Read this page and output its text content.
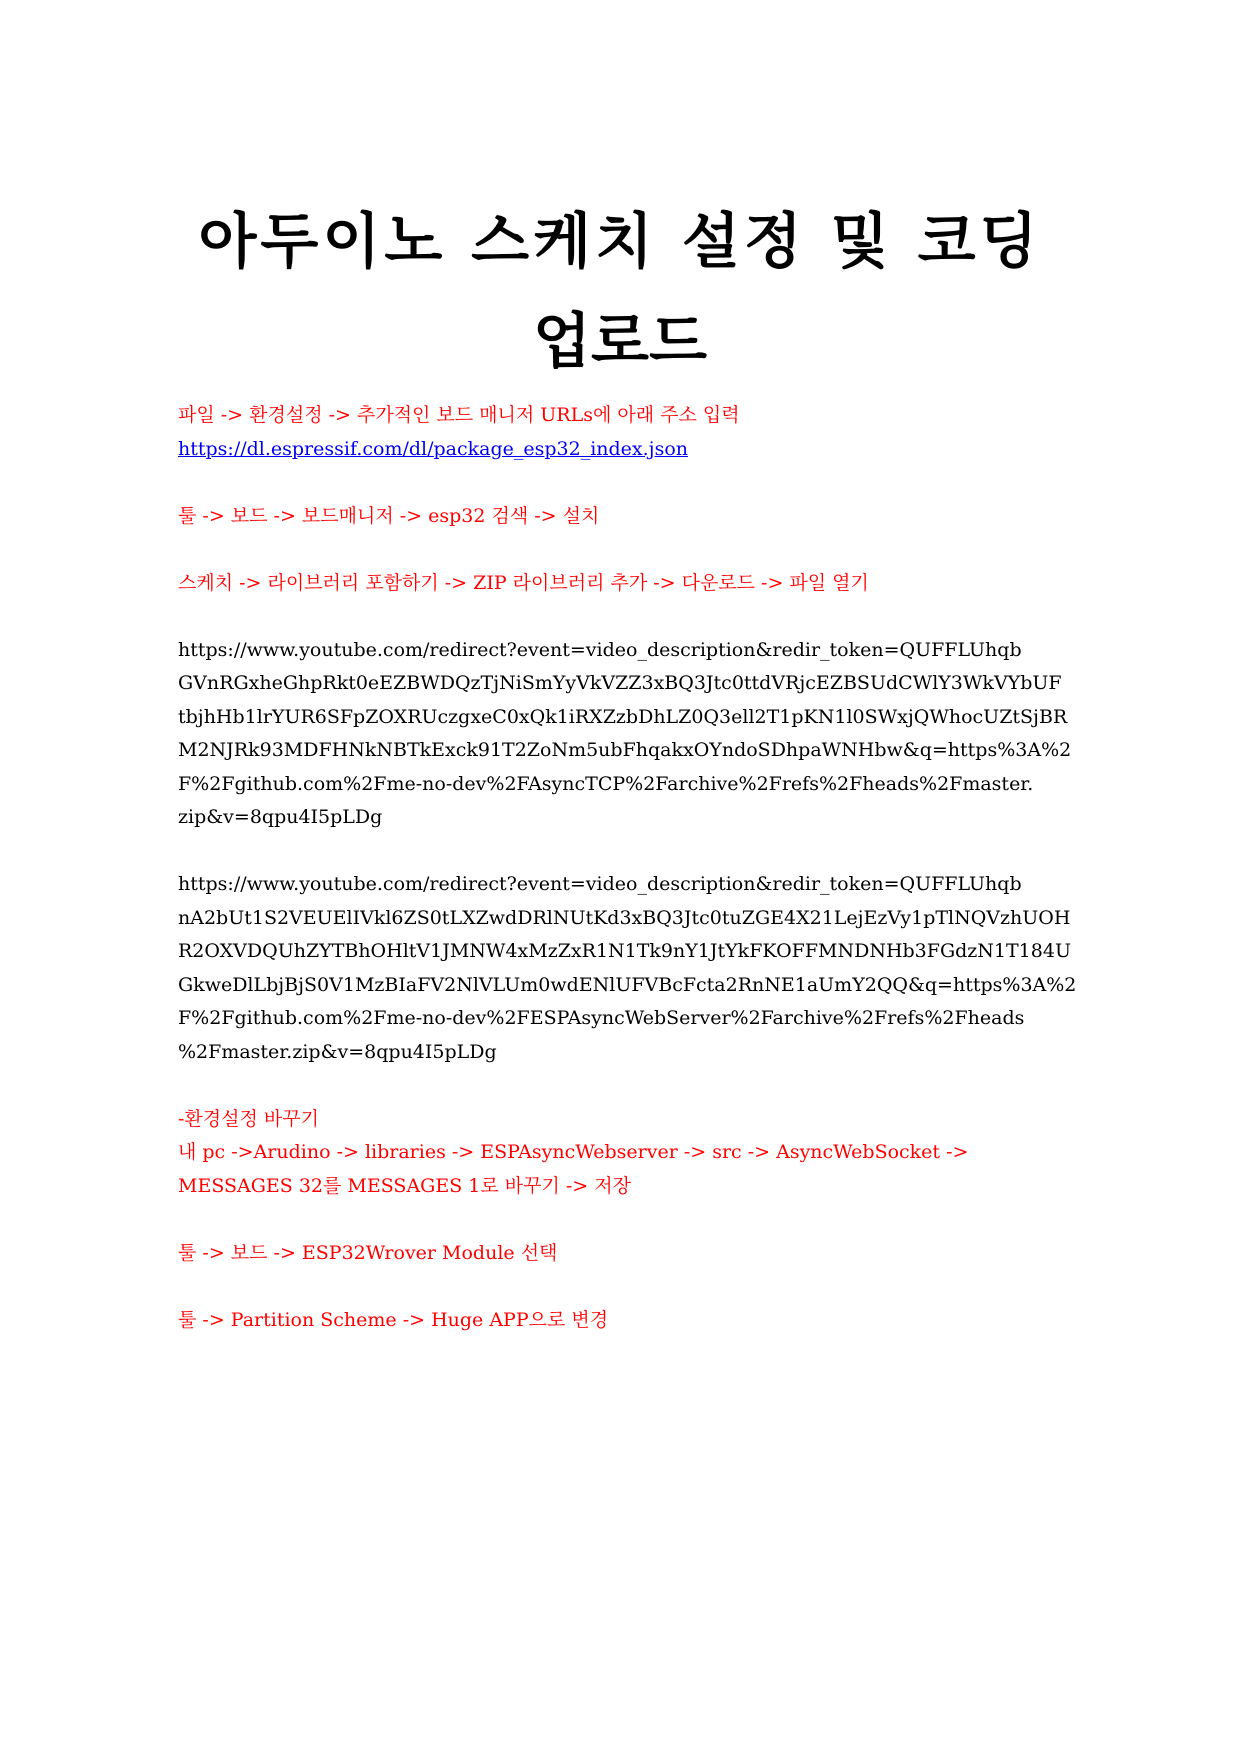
아두이노 스케치 설정 및 코딩
업로드

파일 -> 환경설정 -> 추가적인 보드 매니저 URLs에 아래 주소 입력

https://dl.espressif.com/dl/package_esp32_index.json

툴 -> 보드 -> 보드매니저 -> esp32 검색 -> 설치

스케치 -> 라이브러리 포함하기 -> ZIP 라이브러리 추가 -> 다운로드 -> 파일 열기

https://www.youtube.com/redirect?event=video_description&redir_token=QUFFLUhqb
GVnRGxheGhpRkt0eEZBWDQzTjNiSmYyVkVZZ3xBQ3Jtc0ttdVRjcEZBSUdCWlY3WkVYbUF
tbjhHb1lrYUR6SFpZOXRUczgxeC0xQk1iRXZzbDhLZ0Q3ell2T1pKN1l0SWxjQWhocUZtSjBR
M2NJRk93MDFHNkNBTkExck91T2ZoNm5ubFhqakxOYndoSDhpaWNHbw&q=https%3A%2
F%2Fgithub.com%2Fme-no-dev%2FAsyncTCP%2Farchive%2Frefs%2Fheads%2Fmaster.
zip&v=8qpu4I5pLDg

https://www.youtube.com/redirect?event=video_description&redir_token=QUFFLUhqb
nA2bUt1S2VEUElIVkl6ZS0tLXZwdDRlNUtKd3xBQ3Jtc0tuZGE4X21LejEzVy1pTlNQVzhUOH
R2OXVDQUhZYTBhOHltV1JMNW4xMzZxR1N1Tk9nY1JtYkFKOFFMNDNHb3FGdzN1T184U
GkweDlLbjBjS0V1MzBIaFV2NlVLUm0wdENlUFVBcFcta2RnNE1aUmY2QQ&q=https%3A%2
F%2Fgithub.com%2Fme-no-dev%2FESPAsyncWebServer%2Farchive%2Frefs%2Fheads
%2Fmaster.zip&v=8qpu4I5pLDg

-환경설정 바꾸기

내 pc ->Arudino -> libraries -> ESPAsyncWebserver -> src -> AsyncWebSocket ->

MESSAGES 32를 MESSAGES 1로 바꾸기 -> 저장

툴 -> 보드 -> ESP32Wrover Module 선택

툴 -> Partition Scheme -> Huge APP으로 변경
